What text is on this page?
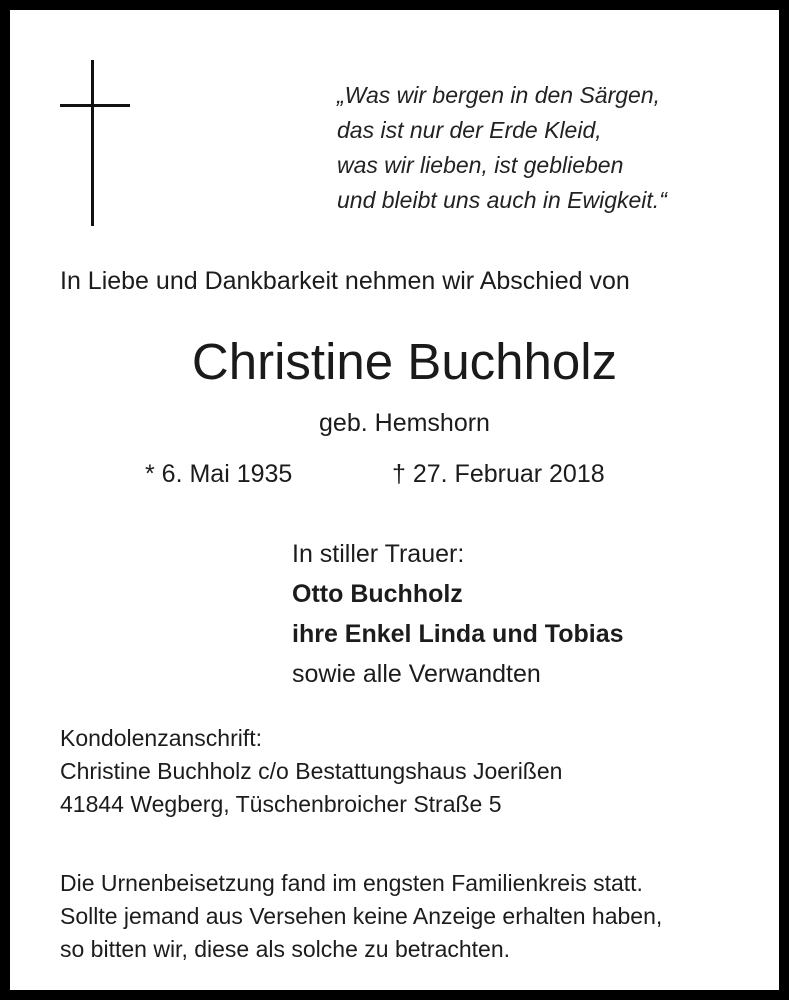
„Was wir bergen in den Särgen,
das ist nur der Erde Kleid,
was wir lieben, ist geblieben
und bleibt uns auch in Ewigkeit.“
In Liebe und Dankbarkeit nehmen wir Abschied von
Christine Buchholz
geb. Hemshorn
* 6. Mai 1935	† 27. Februar 2018
In stiller Trauer:
Otto Buchholz
ihre Enkel Linda und Tobias
sowie alle Verwandten
Kondolenzanschrift:
Christine Buchholz c/o Bestattungshaus Joerißen
41844 Wegberg, Tüschenbroicher Straße 5
Die Urnenbeisetzung fand im engsten Familienkreis statt.
Sollte jemand aus Versehen keine Anzeige erhalten haben,
so bitten wir, diese als solche zu betrachten.
